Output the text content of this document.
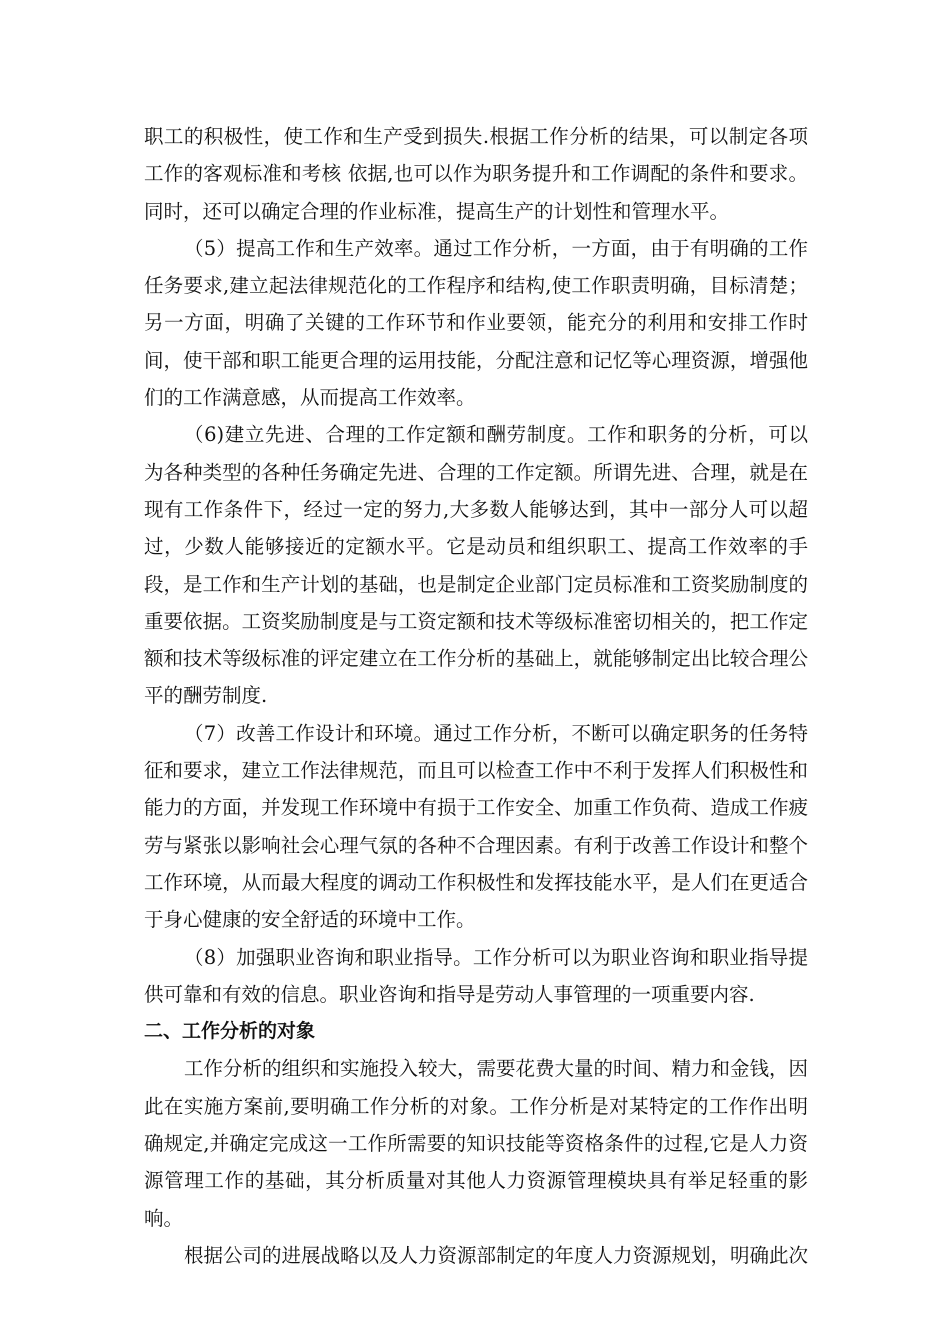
职工的积极性，使工作和生产受到损失.根据工作分析的结果，可以制定各项工作的客观标准和考核 依据,也可以作为职务提升和工作调配的条件和要求。同时，还可以确定合理的作业标准，提高生产的计划性和管理水平。

（5）提高工作和生产效率。通过工作分析，一方面，由于有明确的工作任务要求,建立起法律规范化的工作程序和结构,使工作职责明确，目标清楚；另一方面，明确了关键的工作环节和作业要领，能充分的利用和安排工作时间，使干部和职工能更合理的运用技能，分配注意和记忆等心理资源，增强他们的工作满意感，从而提高工作效率。

（6)建立先进、合理的工作定额和酬劳制度。工作和职务的分析，可以为各种类型的各种任务确定先进、合理的工作定额。所谓先进、合理，就是在现有工作条件下，经过一定的努力,大多数人能够达到，其中一部分人可以超过，少数人能够接近的定额水平。它是动员和组织职工、提高工作效率的手段，是工作和生产计划的基础，也是制定企业部门定员标准和工资奖励制度的重要依据。工资奖励制度是与工资定额和技术等级标准密切相关的，把工作定额和技术等级标准的评定建立在工作分析的基础上，就能够制定出比较合理公平的酬劳制度.

（7）改善工作设计和环境。通过工作分析，不断可以确定职务的任务特征和要求，建立工作法律规范，而且可以检查工作中不利于发挥人们积极性和能力的方面，并发现工作环境中有损于工作安全、加重工作负荷、造成工作疲劳与紧张以影响社会心理气氛的各种不合理因素。有利于改善工作设计和整个工作环境，从而最大程度的调动工作积极性和发挥技能水平，是人们在更适合于身心健康的安全舒适的环境中工作。

（8）加强职业咨询和职业指导。工作分析可以为职业咨询和职业指导提供可靠和有效的信息。职业咨询和指导是劳动人事管理的一项重要内容.

二、工作分析的对象

工作分析的组织和实施投入较大，需要花费大量的时间、精力和金钱，因此在实施方案前,要明确工作分析的对象。工作分析是对某特定的工作作出明确规定,并确定完成这一工作所需要的知识技能等资格条件的过程,它是人力资源管理工作的基础，其分析质量对其他人力资源管理模块具有举足轻重的影响。

根据公司的进展战略以及人力资源部制定的年度人力资源规划，明确此次
